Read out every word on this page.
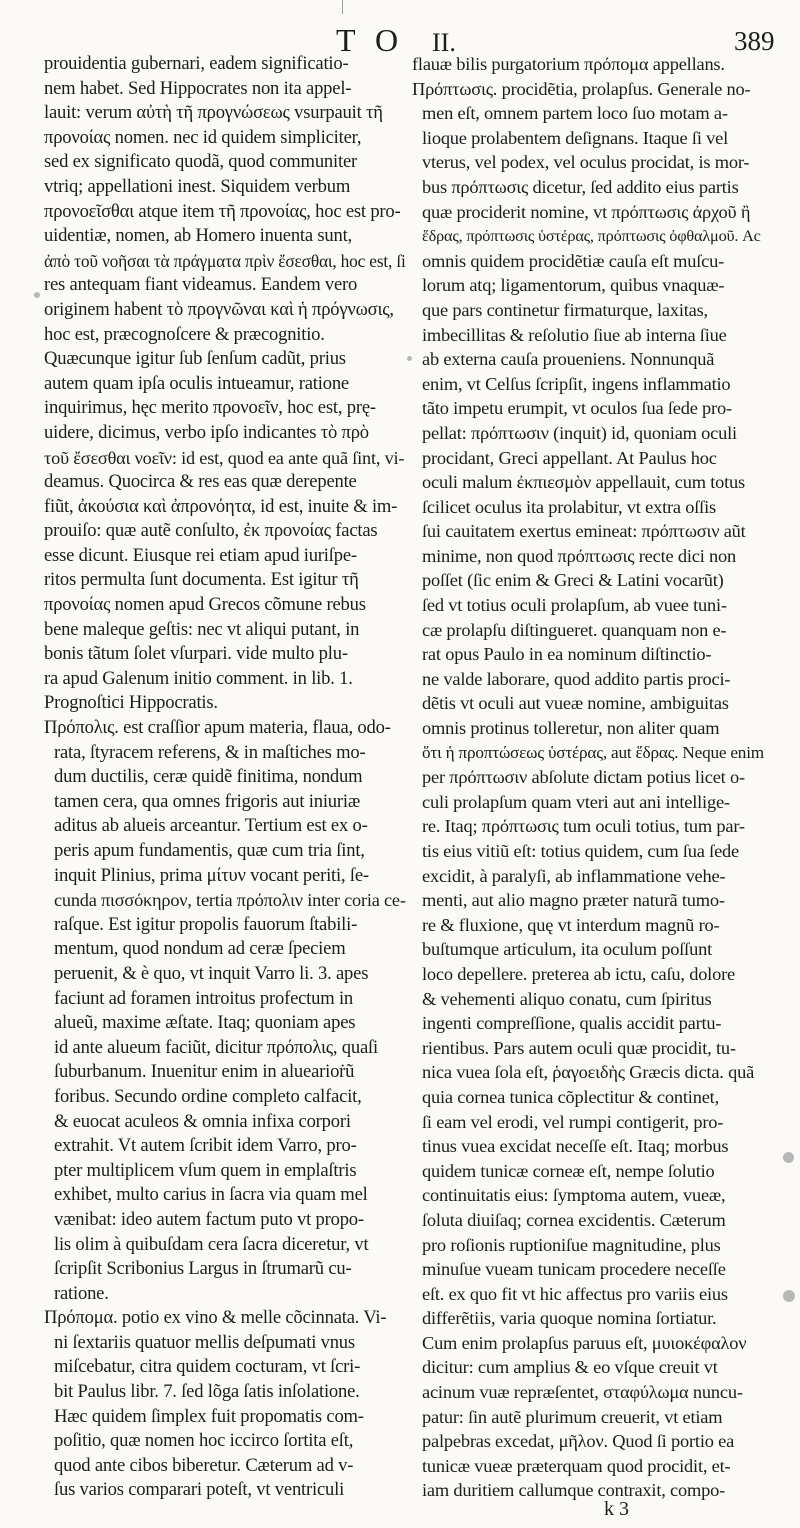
T O II.	389
prouidentia gubernari, eadem significatio-
nem habet. Sed Hippocrates non ita appel-
lauit: verum αὐτὴ τῆ προγνώσεως vsurpauit τῆ
προνοίας nomen. nec id quidem simpliciter,
sed ex significato quodã, quod communiter
vtriq; appellationi inest. Siquidem verbum
προνοεῖσθαι atque item τῆ προνοίας, hoc est pro-
uidentiæ, nomen, ab Homero inuenta sunt,
ἀπὸ τοῦ νοῆσαι τὰ πράγματα πρὶν ἔσεσθαι, hoc est, ſi
res antequam fiant videamus. Eandem vero
originem habent τὸ προγνῶναι καὶ ἡ πρόγνωσις,
hoc est, præcognoſcere & præcognitio.
Quæcunque igitur ſub ſenſum cadũt, prius
autem quam ipſa oculis intueamur, ratione
inquirimus, hęc merito προνοεῖν, hoc est, prę-
uidere, dicimus, verbo ipſo indicantes τὸ πρὸ
τοῦ ἔσεσθαι νοεῖν: id est, quod ea ante quã ſint, vi-
deamus. Quocirca & res eas quæ derepente
fiũt, ἀκούσια καὶ ἀπρονόητα, id est, inuite & im-
prouiſo: quæ autẽ conſulto, ἐκ προνοίας factas
esse dicunt. Eiusque rei etiam apud iuriſpe-
ritos permulta ſunt documenta. Est igitur τῆ
προνοίας nomen apud Grecos cõmune rebus
bene maleque geſtis: nec vt aliqui putant, in
bonis tãtum ſolet vſurpari. vide multo plu-
ra apud Galenum initio comment. in lib. 1.
Prognoſtici Hippocratis.
Πρόπολις. est craſſior apum materia, flaua, odo-
rata, ſtyracem referens, & in maſtiches mo-
dum ductilis, ceræ quidẽ finitima, nondum
tamen cera, qua omnes frigoris aut iniuriæ
aditus ab alueis arceantur. Tertium est ex o-
peris apum fundamentis, quæ cum tria ſint,
inquit Plinius, prima μίτυν vocant periti, ſe-
cunda πισσόκηρον, tertia πρόπολιν inter coria ce-
raſque. Est igitur propolis fauorum ſtabili-
mentum, quod nondum ad ceræ ſpeciem
peruenit, & è quo, vt inquit Varro li. 3. apes
faciunt ad foramen introitus profectum in
alueũ, maxime æſtate. Itaq; quoniam apes
id ante alueum faciũt, dicitur πρόπολις, quaſi
ſuburbanum. Inuenitur enim in aluearioṙũ
foribus. Secundo ordine completo calfacit,
& euocat aculeos & omnia infixa corpori
extrahit. Vt autem ſcribit idem Varro, pro-
pter multiplicem vſum quem in emplaſtris
exhibet, multo carius in ſacra via quam mel
vænibat: ideo autem factum puto vt propo-
lis olim à quibuſdam cera ſacra diceretur, vt
ſcripſit Scribonius Largus in ſtrumarũ cu-
ratione.
Πρόπομα. potio ex vino & melle cõcinnata. Vi-
ni ſextariis quatuor mellis deſpumati vnus
miſcebatur, citra quidem cocturam, vt ſcri-
bit Paulus libr. 7. ſed lõga ſatis inſolatione.
Hæc quidem ſimplex fuit propomatis com-
poſitio, quæ nomen hoc iccirco ſortita eſt,
quod ante cibos biberetur. Cæterum ad v-
ſus varios comparari poteſt, vt ventriculi
flauæ bilis purgatorium πρόπομα appellans.
Πρόπτωσις. procidẽtia, prolapſus. Generale no-
men eſt, omnem partem loco ſuo motam a-
lioque prolabentem deſignans. Itaque ſi vel
vterus, vel podex, vel oculus procidat, is mor-
bus πρόπτωσις dicetur, ſed addito eius partis
quæ prociderit nomine, vt πρόπτωσις ἀρχοῦ ἢ
ἕδρας, πρόπτωσις ὑστέρας, πρόπτωσις ὀφθαλμοῦ. Ac
omnis quidem procidẽtiæ cauſa eſt muſcu-
lorum atq; ligamentorum, quibus vnaquæ-
que pars continetur firmaturque, laxitas,
imbecillitas & reſolutio ſiue ab interna ſiue
ab externa cauſa proueniens. Nonnunquã
enim, vt Celſus ſcripſit, ingens inflammatio
tãto impetu erumpit, vt oculos ſua ſede pro-
pellat: πρόπτωσιν (inquit) id, quoniam oculi
procidant, Greci appellant. At Paulus hoc
oculi malum ἐκπιεσμὸν appellauit, cum totus
ſcilicet oculus ita prolabitur, vt extra oſſis
ſui cauitatem exertus emineat: πρόπτωσιν aũt
minime, non quod πρόπτωσις recte dici non
poſſet (ſic enim & Greci & Latini vocarũt)
ſed vt totius oculi prolapſum, ab vuee tuni-
cæ prolapſu diſtingueret. quanquam non e-
rat opus Paulo in ea nominum diſtinctio-
ne valde laborare, quod addito partis proci-
dẽtis vt oculi aut vueæ nomine, ambiguitas
omnis protinus tolleretur, non aliter quam
ὅτι ἡ προπτώσεως ὑστέρας, aut ἕδρας. Neque enim
per πρόπτωσιν abſolute dictam potius licet o-
culi prolapſum quam vteri aut ani intellige-
re. Itaq; πρόπτωσις tum oculi totius, tum par-
tis eius vitiũ eſt: totius quidem, cum ſua ſede
excidit, à paralyſi, ab inflammatione vehe-
menti, aut alio magno præter naturã tumo-
re & fluxione, quę vt interdum magnũ ro-
buſtumque articulum, ita oculum poſſunt
loco depellere. preterea ab ictu, caſu, dolore
& vehementi aliquo conatu, cum ſpiritus
ingenti compreſſione, qualis accidit partu-
rientibus. Pars autem oculi quæ procidit, tu-
nica vuea ſola eſt, ῥαγοειδὴς Græcis dicta. quã
quia cornea tunica cõplectitur & continet,
ſi eam vel erodi, vel rumpi contigerit, pro-
tinus vuea excidat neceſſe eſt. Itaq; morbus
quidem tunicæ corneæ eſt, nempe ſolutio
continuitatis eius: ſymptoma autem, vueæ,
ſoluta diuiſaq; cornea excidentis. Cæterum
pro roſionis ruptioniſue magnitudine, plus
minuſue vueam tunicam procedere neceſſe
eſt. ex quo fit vt hic affectus pro variis eius
differẽtiis, varia quoque nomina ſortiatur.
Cum enim prolapſus paruus eſt, μυιοκέφαλον
dicitur: cum amplius & eo vſque creuit vt
acinum vuæ repræſentet, σταφύλωμα nuncu-
patur: ſin autẽ plurimum creuerit, vt etiam
palpebras excedat, μῆλον. Quod ſi portio ea
tunicæ vueæ præterquam quod procidit, et-
iam duritiem callumque contraxit, compo-
k 3
